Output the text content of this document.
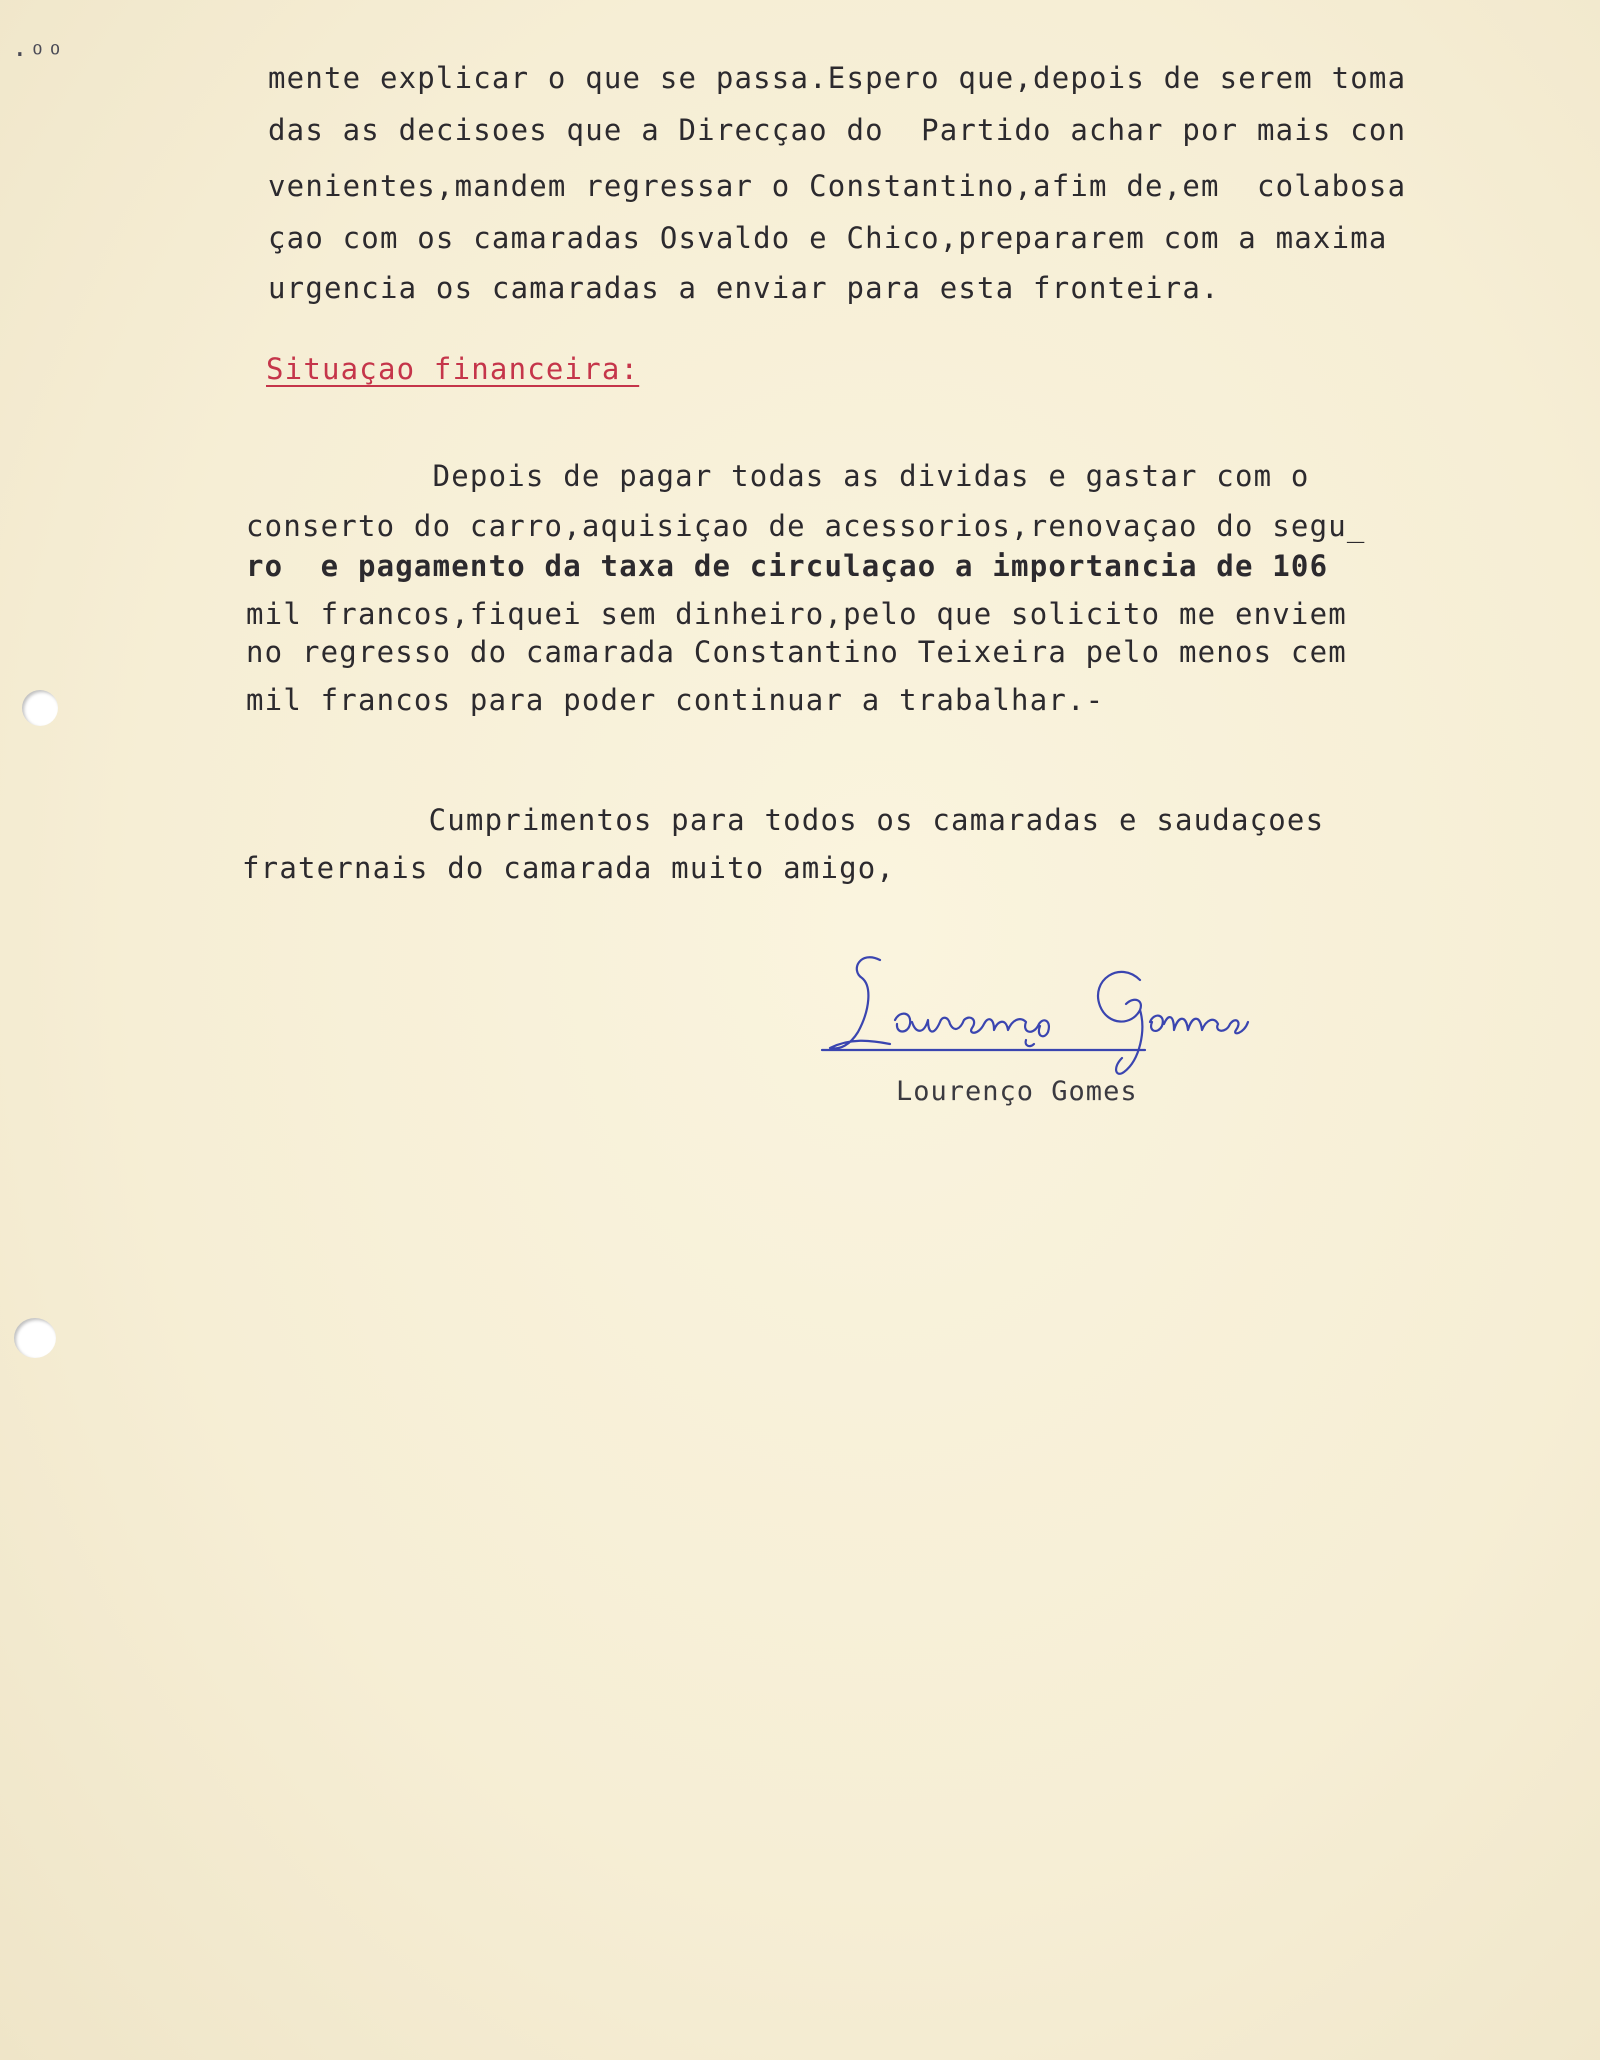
·ᴼᴼ
mente explicar o que se passa.Espero que,depois de serem toma
das as decisoes que a Direcçao do  Partido achar por mais con
venientes,mandem regressar o Constantino,afim de,em  colabosa
çao com os camaradas Osvaldo e Chico,prepararem com a maxima
urgencia os camaradas a enviar para esta fronteira.
Situaçao financeira:
Depois de pagar todas as dividas e gastar com o
conserto do carro,aquisiçao de acessorios,renovaçao do segu_
ro  e pagamento da taxa de circulaçao a importancia de 106
mil francos,fiquei sem dinheiro,pelo que solicito me enviem
no regresso do camarada Constantino Teixeira pelo menos cem
mil francos para poder continuar a trabalhar.-
Cumprimentos para todos os camaradas e saudaçoes
fraternais do camarada muito amigo,
Lourenço Gomes
